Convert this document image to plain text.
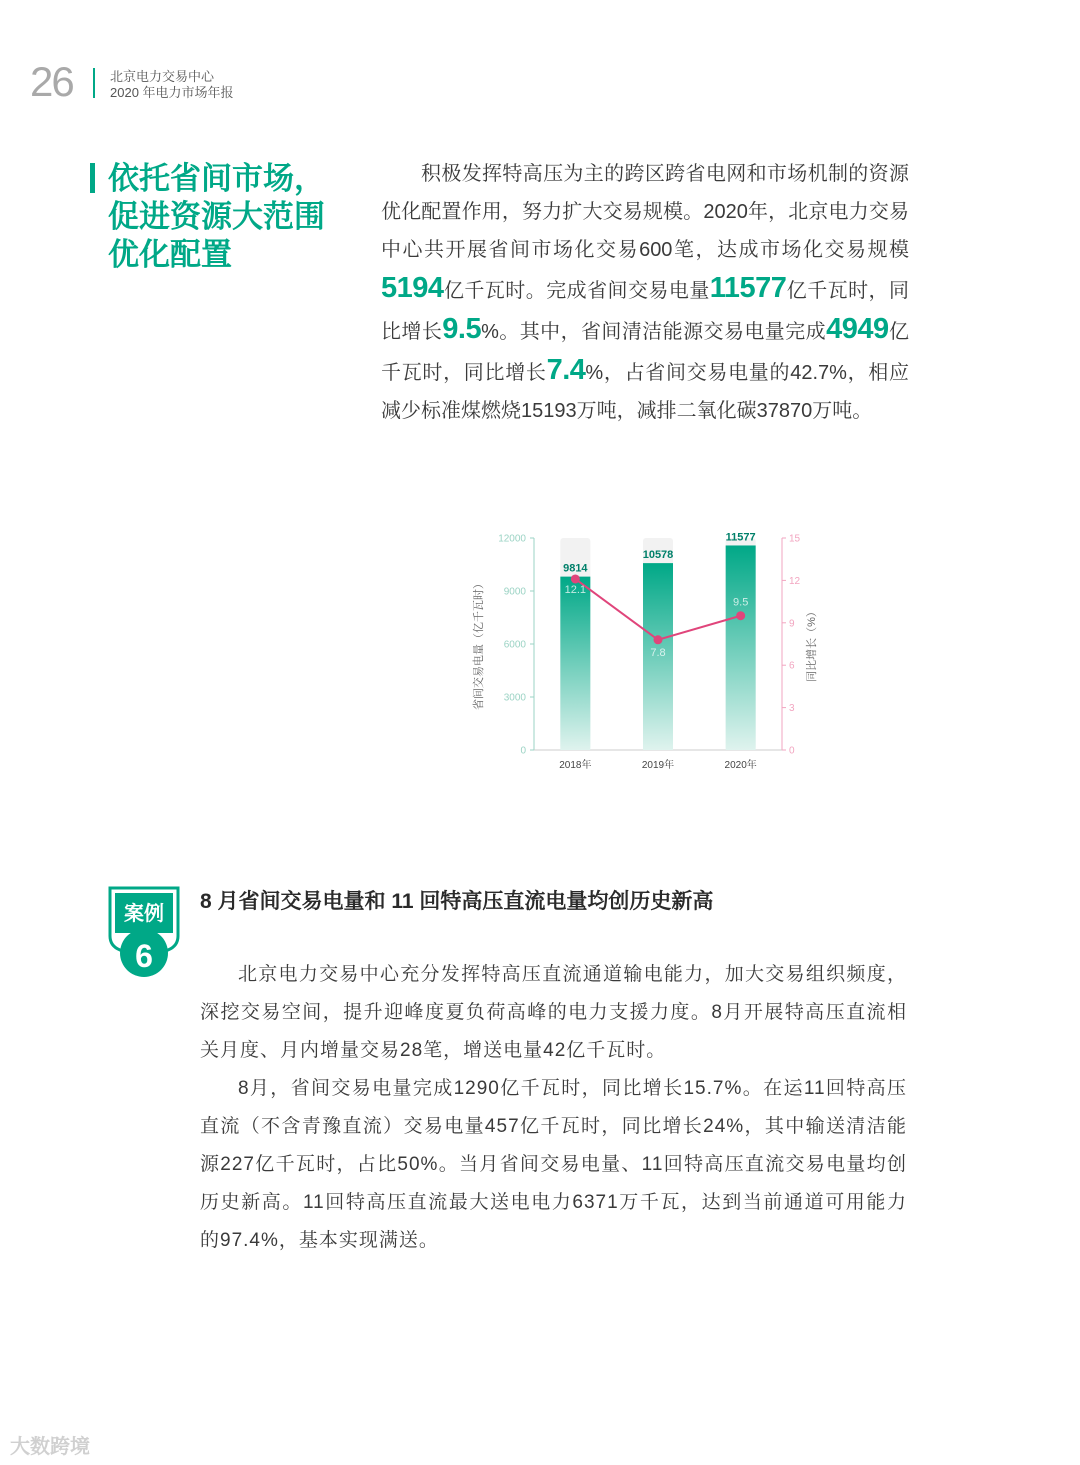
26	北京电力交易中心
2020 年电力市场年报
依托省间市场，
促进资源大范围
优化配置
积极发挥特高压为主的跨区跨省电网和市场机制的资源优化配置作用，努力扩大交易规模。2020年，北京电力交易中心共开展省间市场化交易600笔，达成市场化交易规模5194亿千瓦时。完成省间交易电量11577亿千瓦时，同比增长9.5%。其中，省间清洁能源交易电量完成4949亿千瓦时，同比增长7.4%，占省间交易电量的42.7%，相应减少标准煤燃烧15193万吨，减排二氧化碳37870万吨。
0
3000
6000
9000
12000
0
3
6
9
12
15
省间交易电量（亿千瓦时）	同比增长（%）
9814
2018年
10578
2019年
11577
2020年
12.1
7.8
9.5
案例
6
8 月省间交易电量和 11 回特高压直流电量均创历史新高

北京电力交易中心充分发挥特高压直流通道输电能力，加大交易组织频度，深挖交易空间，提升迎峰度夏负荷高峰的电力支援力度。8月开展特高压直流相关月度、月内增量交易28笔，增送电量42亿千瓦时。

8月，省间交易电量完成1290亿千瓦时，同比增长15.7%。在运11回特高压直流（不含青豫直流）交易电量457亿千瓦时，同比增长24%，其中输送清洁能源227亿千瓦时，占比50%。当月省间交易电量、11回特高压直流交易电量均创历史新高。11回特高压直流最大送电电力6371万千瓦，达到当前通道可用能力的97.4%，基本实现满送。

大数跨境
